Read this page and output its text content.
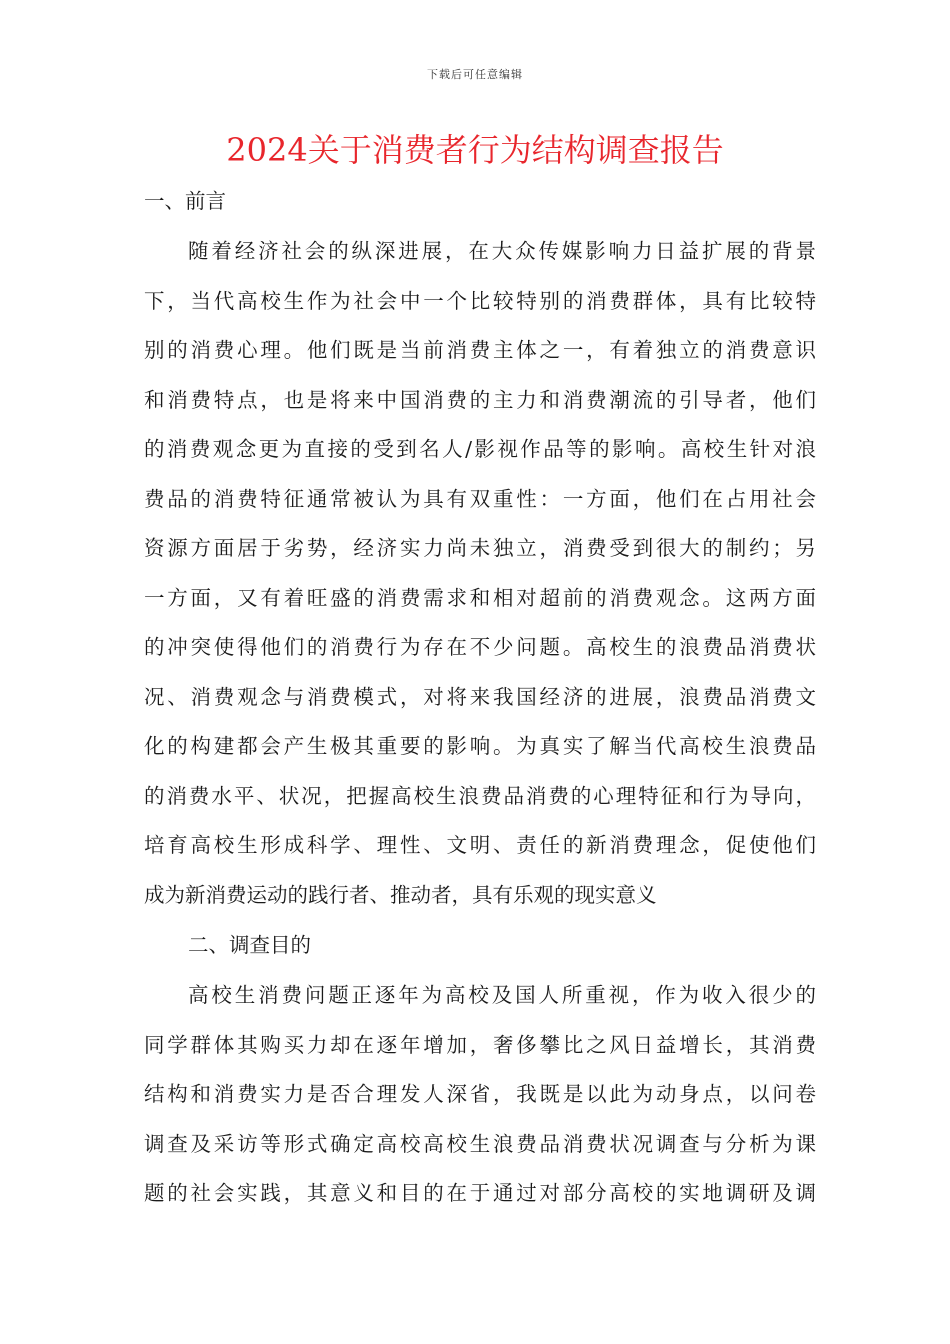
下载后可任意编辑
2024关于消费者行为结构调查报告
一、前言
随着经济社会的纵深进展，在大众传媒影响力日益扩展的背景
下，当代高校生作为社会中一个比较特别的消费群体，具有比较特
别的消费心理。他们既是当前消费主体之一，有着独立的消费意识
和消费特点，也是将来中国消费的主力和消费潮流的引导者，他们
的消费观念更为直接的受到名人/影视作品等的影响。高校生针对浪
费品的消费特征通常被认为具有双重性：一方面，他们在占用社会
资源方面居于劣势，经济实力尚未独立，消费受到很大的制约；另
一方面，又有着旺盛的消费需求和相对超前的消费观念。这两方面
的冲突使得他们的消费行为存在不少问题。高校生的浪费品消费状
况、消费观念与消费模式，对将来我国经济的进展，浪费品消费文
化的构建都会产生极其重要的影响。为真实了解当代高校生浪费品
的消费水平、状况，把握高校生浪费品消费的心理特征和行为导向，
培育高校生形成科学、理性、文明、责任的新消费理念，促使他们
成为新消费运动的践行者、推动者，具有乐观的现实意义
二、调查目的
高校生消费问题正逐年为高校及国人所重视，作为收入很少的
同学群体其购买力却在逐年增加，奢侈攀比之风日益增长，其消费
结构和消费实力是否合理发人深省，我既是以此为动身点，以问卷
调查及采访等形式确定高校高校生浪费品消费状况调查与分析为课
题的社会实践，其意义和目的在于通过对部分高校的实地调研及调
